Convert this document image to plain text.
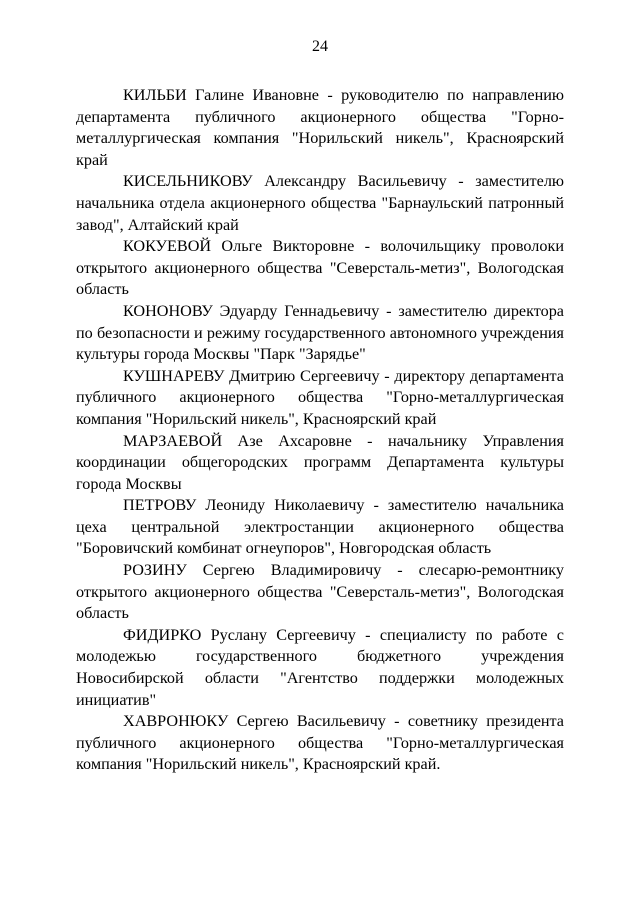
24

КИЛЬБИ Галине Ивановне - руководителю по направлению департамента публичного акционерного общества "Горно-металлургическая компания "Норильский никель", Красноярский край

КИСЕЛЬНИКОВУ Александру Васильевичу - заместителю начальника отдела акционерного общества "Барнаульский патронный завод", Алтайский край

КОКУЕВОЙ Ольге Викторовне - волочильщику проволоки открытого акционерного общества "Северсталь-метиз", Вологодская область

КОНОНОВУ Эдуарду Геннадьевичу - заместителю директора по безопасности и режиму государственного автономного учреждения культуры города Москвы "Парк "Зарядье"

КУШНАРЕВУ Дмитрию Сергеевичу - директору департамента публичного акционерного общества "Горно-металлургическая компания "Норильский никель", Красноярский край

МАРЗАЕВОЙ Азе Ахсаровне - начальнику Управления координации общегородских программ Департамента культуры города Москвы

ПЕТРОВУ Леониду Николаевичу - заместителю начальника цеха центральной электростанции акционерного общества "Боровичский комбинат огнеупоров", Новгородская область

РОЗИНУ Сергею Владимировичу - слесарю-ремонтнику открытого акционерного общества "Северсталь-метиз", Вологодская область

ФИДИРКО Руслану Сергеевичу - специалисту по работе с молодежью государственного бюджетного учреждения Новосибирской области "Агентство поддержки молодежных инициатив"

ХАВРОНЮКУ Сергею Васильевичу - советнику президента публичного акционерного общества "Горно-металлургическая компания "Норильский никель", Красноярский край.
